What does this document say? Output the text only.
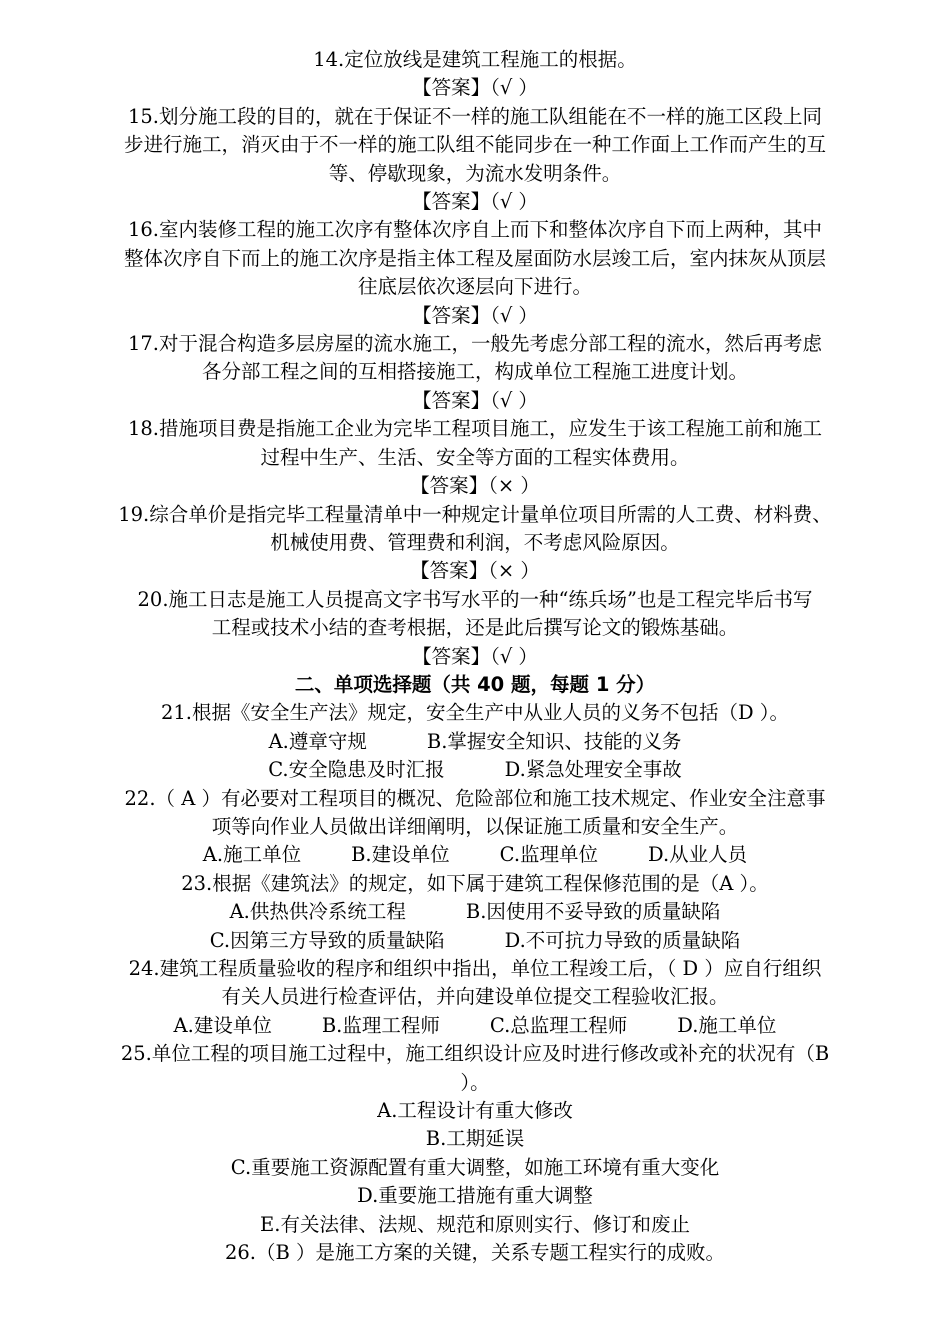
14.定位放线是建筑工程施工的根据。

【答案】（√ ）

15.划分施工段的目的，就在于保证不一样的施工队组能在不一样的施工区段上同

步进行施工，消灭由于不一样的施工队组不能同步在一种工作面上工作而产生的互

等、停歇现象，为流水发明条件。

【答案】（√ ）

16.室内装修工程的施工次序有整体次序自上而下和整体次序自下而上两种，其中

整体次序自下而上的施工次序是指主体工程及屋面防水层竣工后，室内抹灰从顶层

往底层依次逐层向下进行。

【答案】（√ ）

17.对于混合构造多层房屋的流水施工，一般先考虑分部工程的流水，然后再考虑

各分部工程之间的互相搭接施工，构成单位工程施工进度计划。

【答案】（√ ）

18.措施项目费是指施工企业为完毕工程项目施工，应发生于该工程施工前和施工

过程中生产、生活、安全等方面的工程实体费用。

【答案】（× ）

19.综合单价是指完毕工程量清单中一种规定计量单位项目所需的人工费、材料费、

机械使用费、管理费和利润，不考虑风险原因。

【答案】（× ）

20.施工日志是施工人员提高文字书写水平的一种“练兵场”也是工程完毕后书写

工程或技术小结的查考根据，还是此后撰写论文的锻炼基础。

【答案】（√ ）

二、单项选择题（共 40 题，每题 1 分）

21.根据《安全生产法》规定，安全生产中从业人员的义务不包括（D ）。

A.遵章守规	B.掌握安全知识、技能的义务
C.安全隐患及时汇报	D.紧急处理安全事故

22.（ A ）有必要对工程项目的概况、危险部位和施工技术规定、作业安全注意事

项等向作业人员做出详细阐明，以保证施工质量和安全生产。

A.施工单位	B.建设单位	C.监理单位	D.从业人员

23.根据《建筑法》的规定，如下属于建筑工程保修范围的是（A ）。

A.供热供冷系统工程	B.因使用不妥导致的质量缺陷
C.因第三方导致的质量缺陷	D.不可抗力导致的质量缺陷

24.建筑工程质量验收的程序和组织中指出，单位工程竣工后，（ D ）应自行组织

有关人员进行检查评估，并向建设单位提交工程验收汇报。

A.建设单位	B.监理工程师	C.总监理工程师	D.施工单位

25.单位工程的项目施工过程中，施工组织设计应及时进行修改或补充的状况有（B

）。

A.工程设计有重大修改

B.工期延误

C.重要施工资源配置有重大调整，如施工环境有重大变化

D.重要施工措施有重大调整

E.有关法律、法规、规范和原则实行、修订和废止

26.（B ）是施工方案的关键，关系专题工程实行的成败。
